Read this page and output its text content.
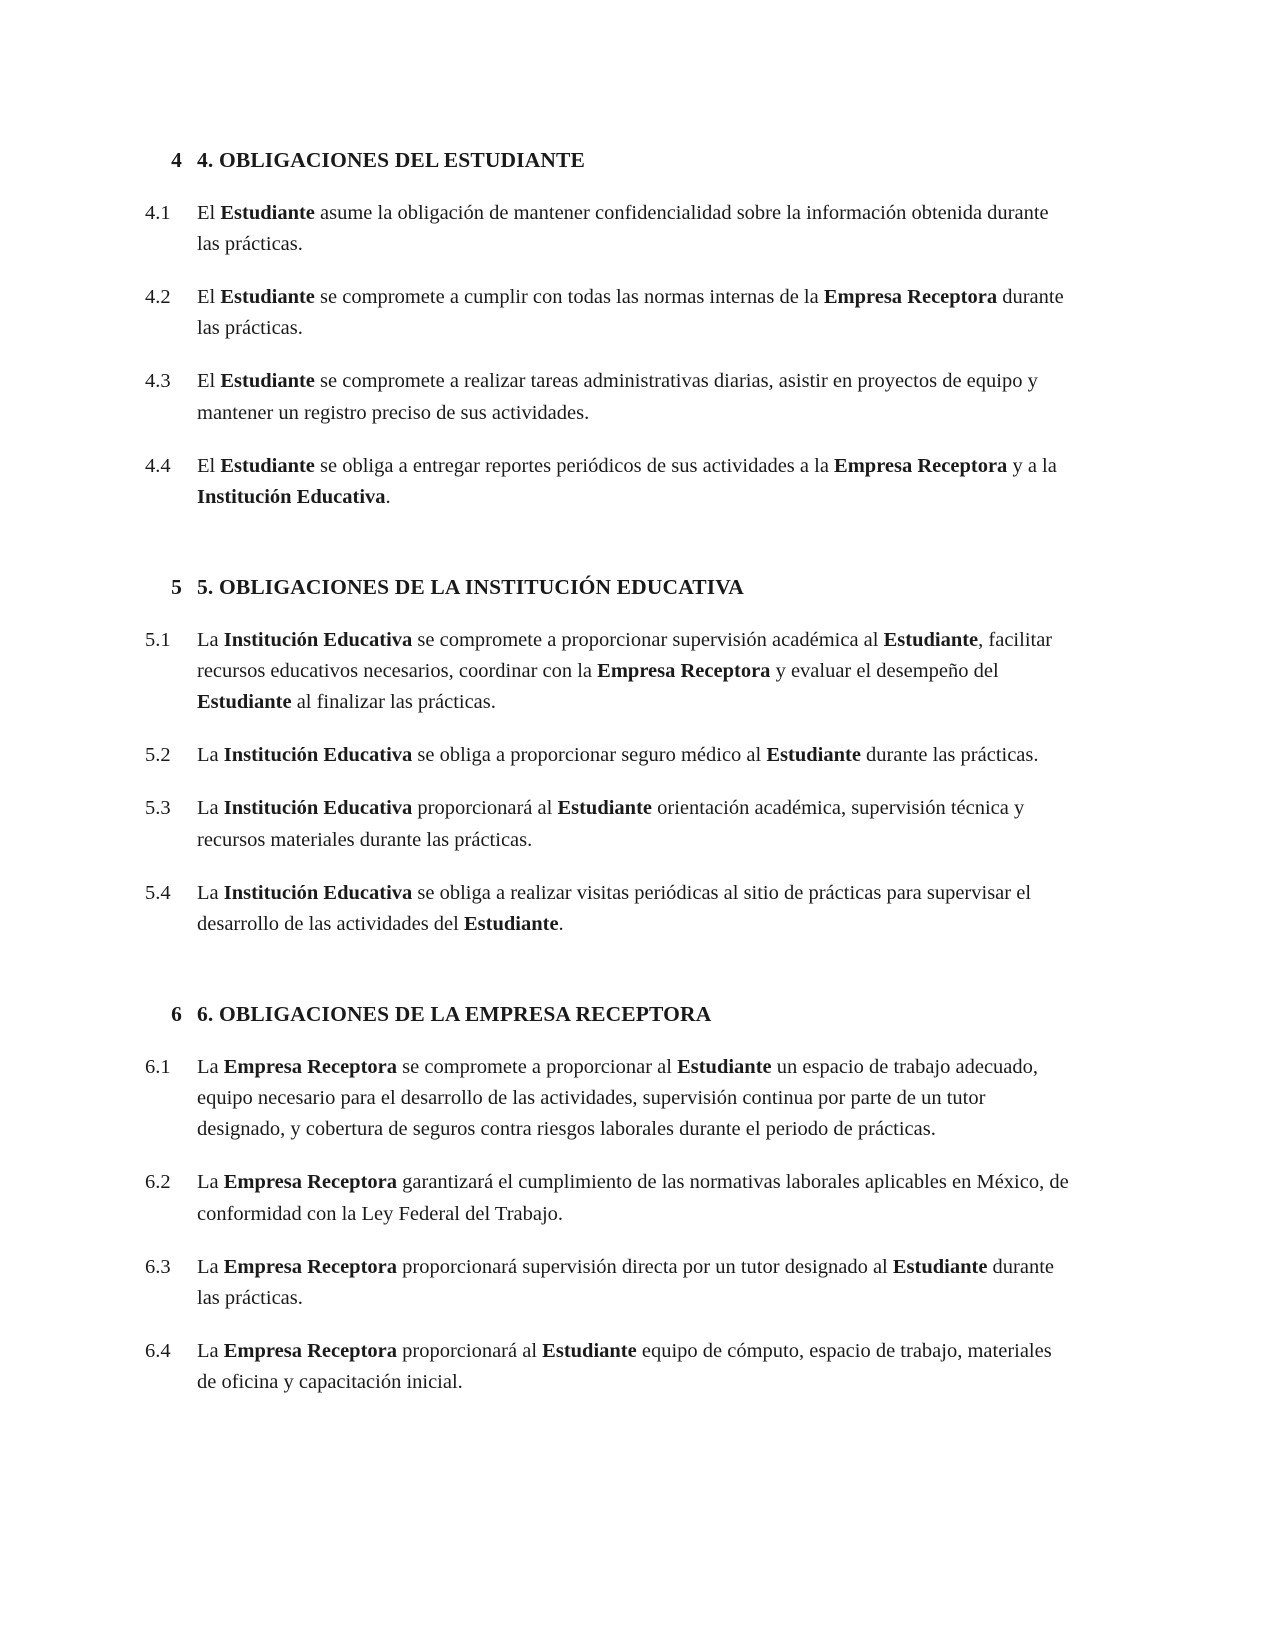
4 4. OBLIGACIONES DEL ESTUDIANTE
4.1	El Estudiante asume la obligación de mantener confidencialidad sobre la información obtenida durante las prácticas.
4.2	El Estudiante se compromete a cumplir con todas las normas internas de la Empresa Receptora durante las prácticas.
4.3	El Estudiante se compromete a realizar tareas administrativas diarias, asistir en proyectos de equipo y mantener un registro preciso de sus actividades.
4.4	El Estudiante se obliga a entregar reportes periódicos de sus actividades a la Empresa Receptora y a la Institución Educativa.
5 5. OBLIGACIONES DE LA INSTITUCIÓN EDUCATIVA
5.1	La Institución Educativa se compromete a proporcionar supervisión académica al Estudiante, facilitar recursos educativos necesarios, coordinar con la Empresa Receptora y evaluar el desempeño del Estudiante al finalizar las prácticas.
5.2	La Institución Educativa se obliga a proporcionar seguro médico al Estudiante durante las prácticas.
5.3	La Institución Educativa proporcionará al Estudiante orientación académica, supervisión técnica y recursos materiales durante las prácticas.
5.4	La Institución Educativa se obliga a realizar visitas periódicas al sitio de prácticas para supervisar el desarrollo de las actividades del Estudiante.
6 6. OBLIGACIONES DE LA EMPRESA RECEPTORA
6.1	La Empresa Receptora se compromete a proporcionar al Estudiante un espacio de trabajo adecuado, equipo necesario para el desarrollo de las actividades, supervisión continua por parte de un tutor designado, y cobertura de seguros contra riesgos laborales durante el periodo de prácticas.
6.2	La Empresa Receptora garantizará el cumplimiento de las normativas laborales aplicables en México, de conformidad con la Ley Federal del Trabajo.
6.3	La Empresa Receptora proporcionará supervisión directa por un tutor designado al Estudiante durante las prácticas.
6.4	La Empresa Receptora proporcionará al Estudiante equipo de cómputo, espacio de trabajo, materiales de oficina y capacitación inicial.
